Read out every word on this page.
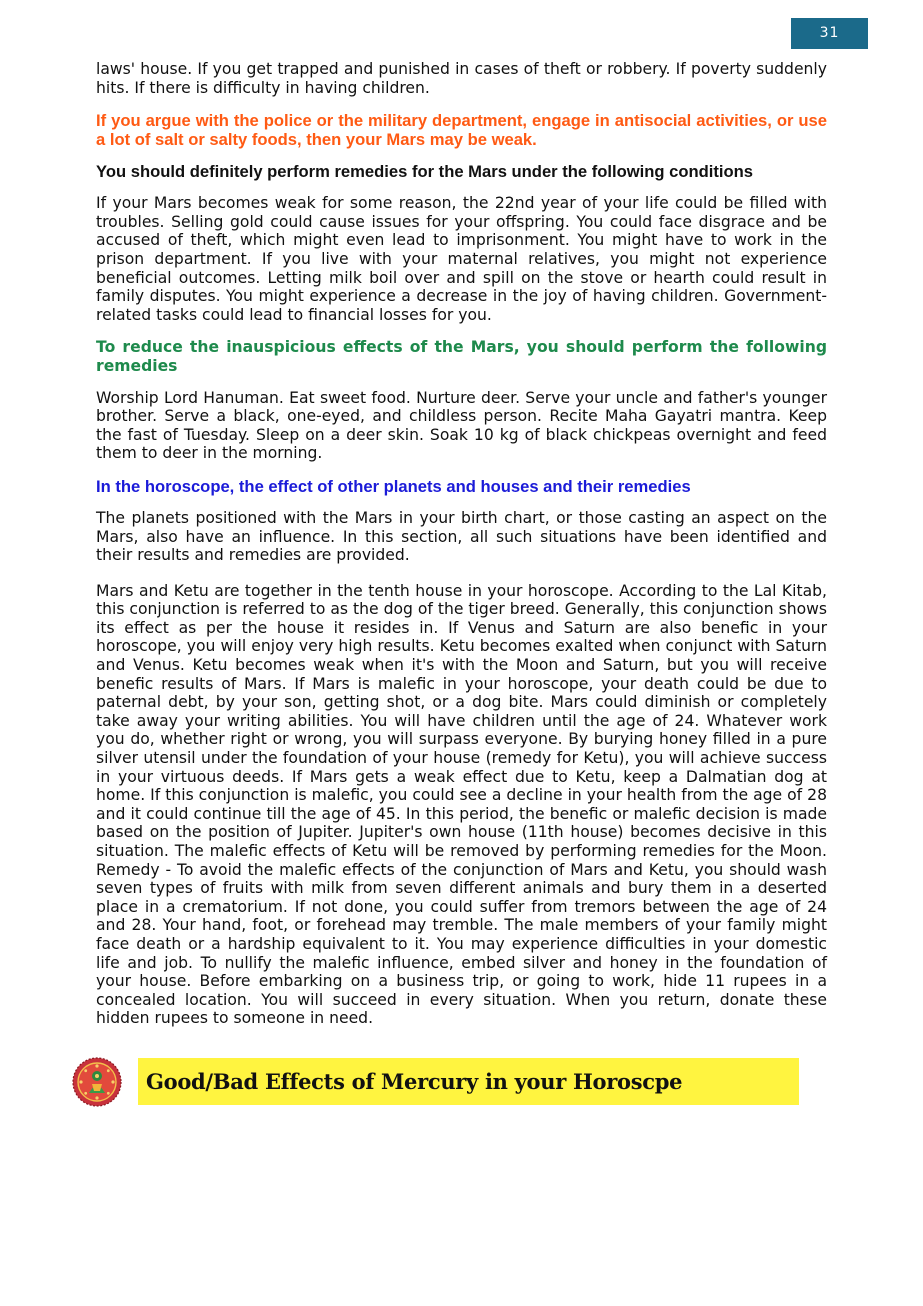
31

laws' house. If you get trapped and punished in cases of theft or robbery. If poverty suddenly hits. If there is difficulty in having children.

If you argue with the police or the military department, engage in antisocial activities, or use a lot of salt or salty foods, then your Mars may be weak.

You should definitely perform remedies for the Mars under the following conditions

If your Mars becomes weak for some reason, the 22nd year of your life could be filled with troubles. Selling gold could cause issues for your offspring. You could face disgrace and be accused of theft, which might even lead to imprisonment. You might have to work in the prison department. If you live with your maternal relatives, you might not experience beneficial outcomes. Letting milk boil over and spill on the stove or hearth could result in family disputes. You might experience a decrease in the joy of having children. Government-related tasks could lead to financial losses for you.

To reduce the inauspicious effects of the Mars, you should perform the following remedies

Worship Lord Hanuman. Eat sweet food. Nurture deer. Serve your uncle and father's younger brother. Serve a black, one-eyed, and childless person. Recite Maha Gayatri mantra. Keep the fast of Tuesday. Sleep on a deer skin. Soak 10 kg of black chickpeas overnight and feed them to deer in the morning.

In the horoscope, the effect of other planets and houses and their remedies

The planets positioned with the Mars in your birth chart, or those casting an aspect on the Mars, also have an influence. In this section, all such situations have been identified and their results and remedies are provided.

Mars and Ketu are together in the tenth house in your horoscope. According to the Lal Kitab, this conjunction is referred to as the dog of the tiger breed. Generally, this conjunction shows its effect as per the house it resides in. If Venus and Saturn are also benefic in your horoscope, you will enjoy very high results. Ketu becomes exalted when conjunct with Saturn and Venus. Ketu becomes weak when it's with the Moon and Saturn, but you will receive benefic results of Mars. If Mars is malefic in your horoscope, your death could be due to paternal debt, by your son, getting shot, or a dog bite. Mars could diminish or completely take away your writing abilities. You will have children until the age of 24. Whatever work you do, whether right or wrong, you will surpass everyone. By burying honey filled in a pure silver utensil under the foundation of your house (remedy for Ketu), you will achieve success in your virtuous deeds. If Mars gets a weak effect due to Ketu, keep a Dalmatian dog at home. If this conjunction is malefic, you could see a decline in your health from the age of 28 and it could continue till the age of 45. In this period, the benefic or malefic decision is made based on the position of Jupiter. Jupiter's own house (11th house) becomes decisive in this situation. The malefic effects of Ketu will be removed by performing remedies for the Moon. Remedy - To avoid the malefic effects of the conjunction of Mars and Ketu, you should wash seven types of fruits with milk from seven different animals and bury them in a deserted place in a crematorium. If not done, you could suffer from tremors between the age of 24 and 28. Your hand, foot, or forehead may tremble. The male members of your family might face death or a hardship equivalent to it. You may experience difficulties in your domestic life and job. To nullify the malefic influence, embed silver and honey in the foundation of your house. Before embarking on a business trip, or going to work, hide 11 rupees in a concealed location. You will succeed in every situation. When you return, donate these hidden rupees to someone in need.

Good/Bad Effects of Mercury in your Horoscpe
